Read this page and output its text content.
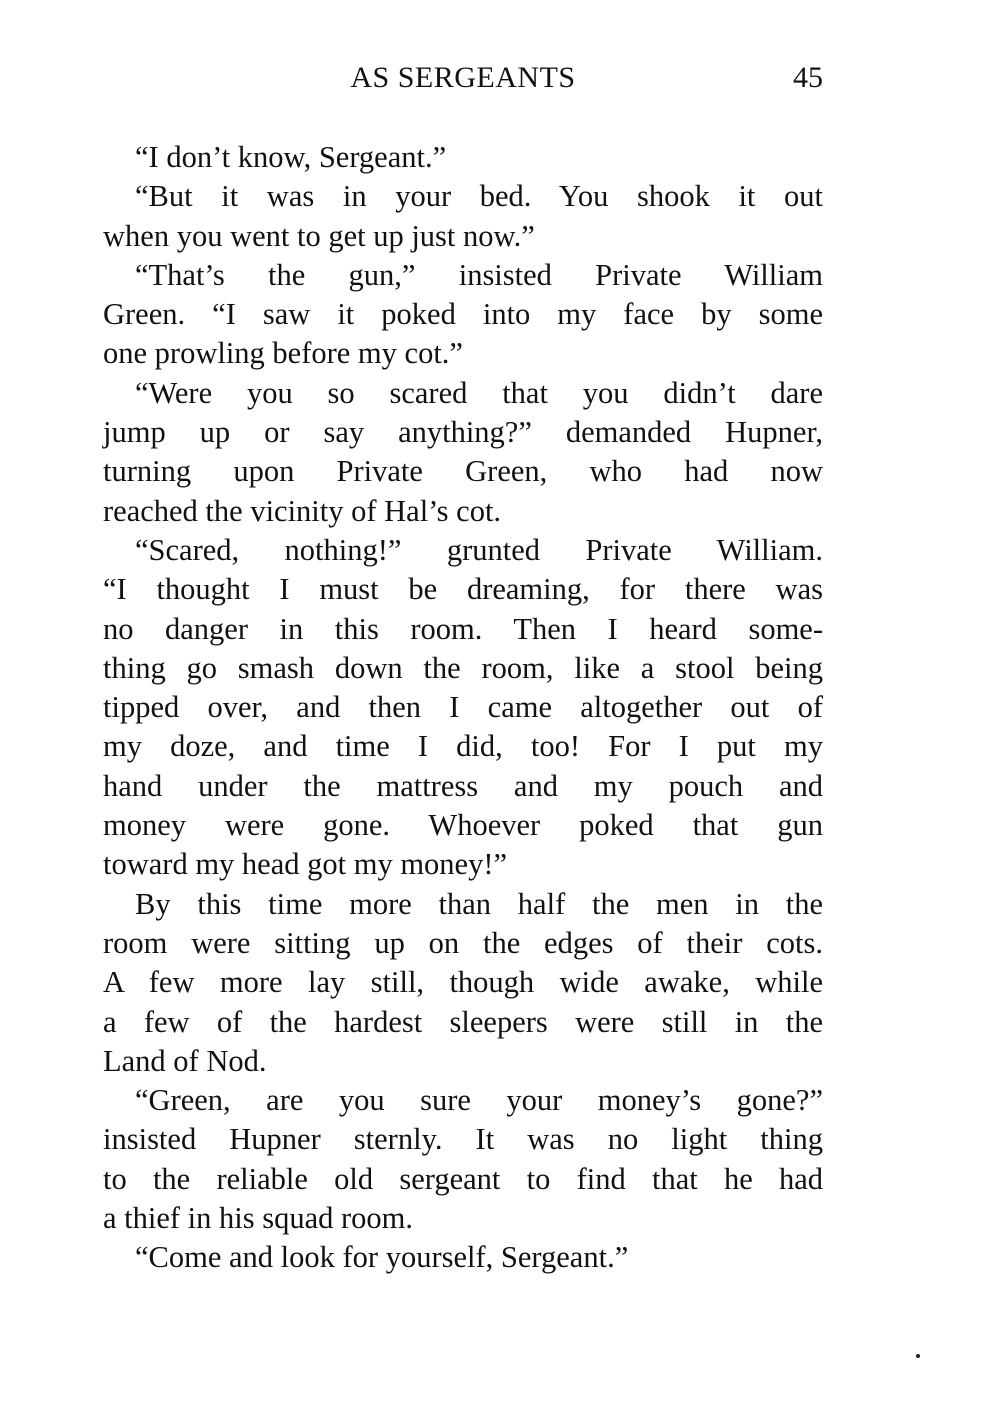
AS SERGEANTS	45
“I don’t know, Sergeant.”
“But it was in your bed. You shook it out
when you went to get up just now.”
“That’s the gun,” insisted Private William
Green. “I saw it poked into my face by some
one prowling before my cot.”
“Were you so scared that you didn’t dare
jump up or say anything?” demanded Hupner,
turning upon Private Green, who had now
reached the vicinity of Hal’s cot.
“Scared, nothing!” grunted Private William.
“I thought I must be dreaming, for there was
no danger in this room. Then I heard some-
thing go smash down the room, like a stool being
tipped over, and then I came altogether out of
my doze, and time I did, too! For I put my
hand under the mattress and my pouch and
money were gone. Whoever poked that gun
toward my head got my money!”
By this time more than half the men in the
room were sitting up on the edges of their cots.
A few more lay still, though wide awake, while
a few of the hardest sleepers were still in the
Land of Nod.
“Green, are you sure your money’s gone?”
insisted Hupner sternly. It was no light thing
to the reliable old sergeant to find that he had
a thief in his squad room.
“Come and look for yourself, Sergeant.”
